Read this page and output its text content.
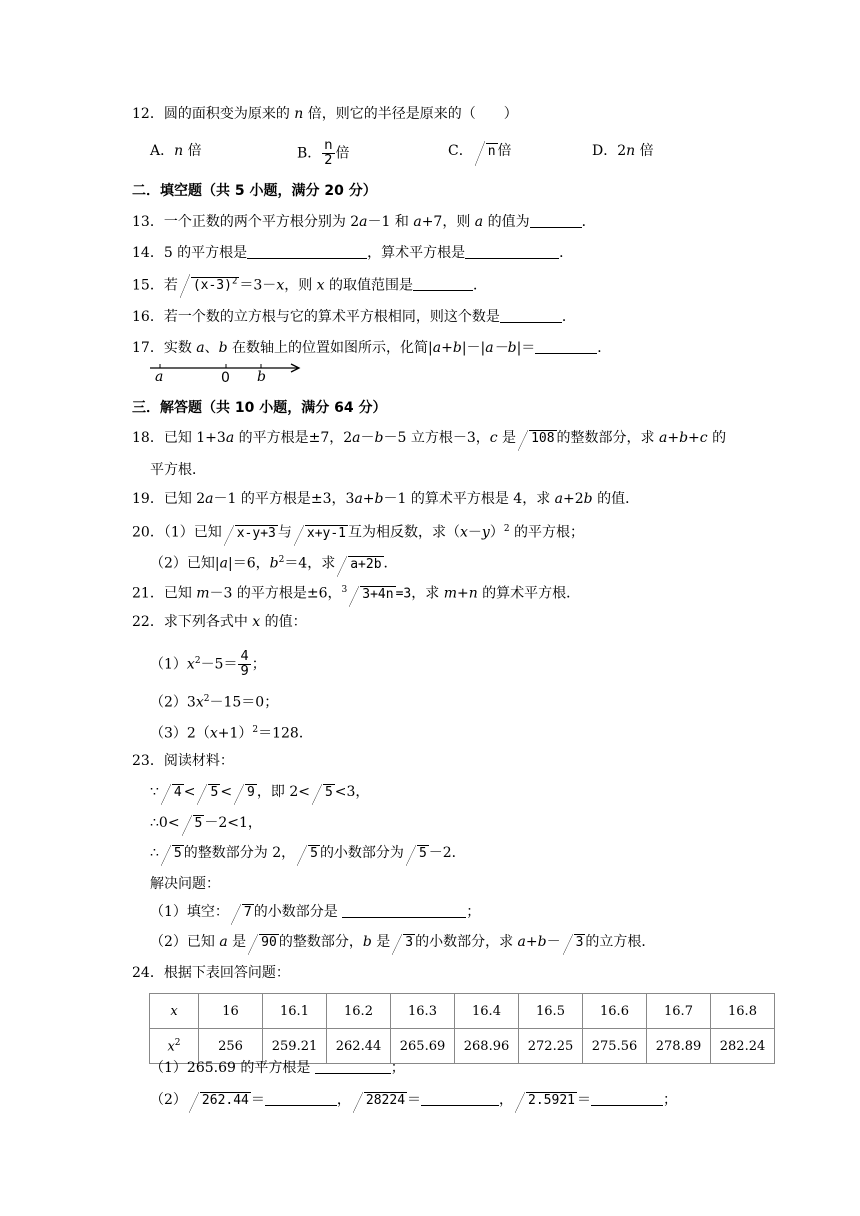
12．圆的面积变为原来的 n 倍，则它的半径是原来的（　　）
A．n 倍	B． $\frac{n}{2}$ 倍	C． n 倍	D．2n 倍
二．填空题（共 5 小题，满分 20 分）
13．一个正数的两个平方根分别为 2a－1 和 a+7，则 a 的值为	．
14．5 的平方根是	，算术平方根是	．
15．若 $(x-3)^2 =3-x$，则 x 的取值范围是	．
16．若一个数的立方根与它的算术平方根相同，则这个数是	．
17．实数 a、b 在数轴上的位置如图所示，化简|a+b|－|a－b|＝	．
a	0 b
三．解答题（共 10 小题，满分 64 分）
18．已知 1+3a 的平方根是±7，2a－b－5 立方根－3，c 是 108 的整数部分，求 a+b+c 的
平方根．
19．已知 2a－1 的平方根是±3，3a+b－1 的算术平方根是 4，求 a+2b 的值．
20．（1）已知 x-y+3 与 x+y-1 互为相反数，求$(x-y)^2$ 的平方根；
（2）已知|a|＝6，$b^2=4$，求 a+2b ．
21．已知 m－3 的平方根是±6，$^3$ 3+4n =3，求 m+n 的算术平方根．
22．求下列各式中 x 的值：
$(1)x^2-5= \frac{4}{9}$ ；
$(2)3x^2-15=0$；
$(3)2(x+1)^2=128$．
23．阅读材料：
∵ 4 < 5 < 9 ，即 2< 5 <3，
∴0< 5 －2<1，
∴ 5 的整数部分为 2， 5 的小数部分为 5 －2．
解决问题：
（1）填空： 7 的小数部分是	；
（2）已知 a 是 90 的整数部分，b 是 3 的小数部分，求 a+b－ 3 的立方根．
24．根据下表回答问题：
x	16	16.1	16.2	16.3	16.4	16.5	16.6	16.7	16.8
$x^2$	256	259.21	262.44	265.69	268.96	272.25	275.56	278.89	282.24
（1）265.69 的平方根是	；
（2） 262.44 ＝	， 28224 ＝	， 2.5921 ＝	；
